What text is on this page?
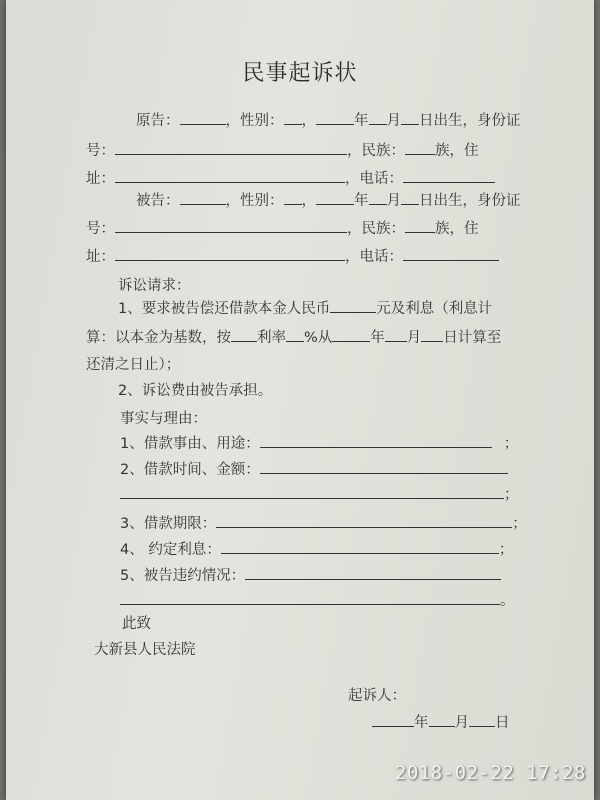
民事起诉状
原告：	，性别： ，	年 月 日出生，身份证
号：	，民族： 族，住
址：	，电话：
被告：	，性别： ，	年 月 日出生，身份证
号：	，民族： 族，住
址：	，电话：
诉讼请求：
1、要求被告偿还借款本金人民币	元及利息（利息计
算：以本金为基数，按 利率 %从	年 月 日计算至
还清之日止）；
2、诉讼费由被告承担。
事实与理由：
1、借款事由、用途：	；
2、借款时间、金额：
；
3、借款期限：	；
4、 约定利息：	；
5、被告违约情况：
。
此致
大新县人民法院
起诉人：
年 月 日
2018-02-22 17:28
